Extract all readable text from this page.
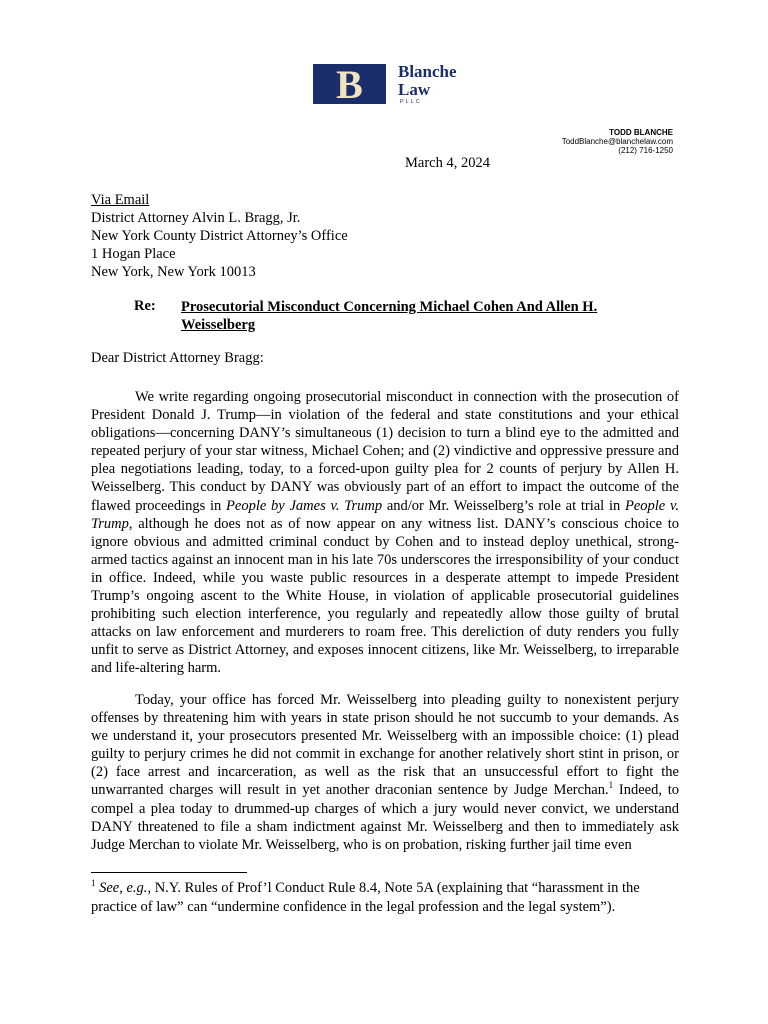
B	Blanche
Law
PLLC
TODD BLANCHE
ToddBlanche@blanchelaw.com
(212) 716-1250
March 4, 2024
Via Email
District Attorney Alvin L. Bragg, Jr.
New York County District Attorney’s Office
1 Hogan Place
New York, New York 10013
Re: Prosecutorial Misconduct Concerning Michael Cohen And Allen H. Weisselberg
Dear District Attorney Bragg:
We write regarding ongoing prosecutorial misconduct in connection with the prosecution of President Donald J. Trump—in violation of the federal and state constitutions and your ethical obligations—concerning DANY’s simultaneous (1) decision to turn a blind eye to the admitted and repeated perjury of your star witness, Michael Cohen; and (2) vindictive and oppressive pressure and plea negotiations leading, today, to a forced-upon guilty plea for 2 counts of perjury by Allen H. Weisselberg. This conduct by DANY was obviously part of an effort to impact the outcome of the flawed proceedings in People by James v. Trump and/or Mr. Weisselberg’s role at trial in People v. Trump, although he does not as of now appear on any witness list. DANY’s conscious choice to ignore obvious and admitted criminal conduct by Cohen and to instead deploy unethical, strong-armed tactics against an innocent man in his late 70s underscores the irresponsibility of your conduct in office. Indeed, while you waste public resources in a desperate attempt to impede President Trump’s ongoing ascent to the White House, in violation of applicable prosecutorial guidelines prohibiting such election interference, you regularly and repeatedly allow those guilty of brutal attacks on law enforcement and murderers to roam free. This dereliction of duty renders you fully unfit to serve as District Attorney, and exposes innocent citizens, like Mr. Weisselberg, to irreparable and life-altering harm.
Today, your office has forced Mr. Weisselberg into pleading guilty to nonexistent perjury offenses by threatening him with years in state prison should he not succumb to your demands. As we understand it, your prosecutors presented Mr. Weisselberg with an impossible choice: (1) plead guilty to perjury crimes he did not commit in exchange for another relatively short stint in prison, or (2) face arrest and incarceration, as well as the risk that an unsuccessful effort to fight the unwarranted charges will result in yet another draconian sentence by Judge Merchan.$^1$ Indeed, to compel a plea today to drummed-up charges of which a jury would never convict, we understand DANY threatened to file a sham indictment against Mr. Weisselberg and then to immediately ask Judge Merchan to violate Mr. Weisselberg, who is on probation, risking further jail time even
$^1$ See, e.g., N.Y. Rules of Prof’l Conduct Rule 8.4, Note 5A (explaining that “harassment in the practice of law” can “undermine confidence in the legal profession and the legal system”).
